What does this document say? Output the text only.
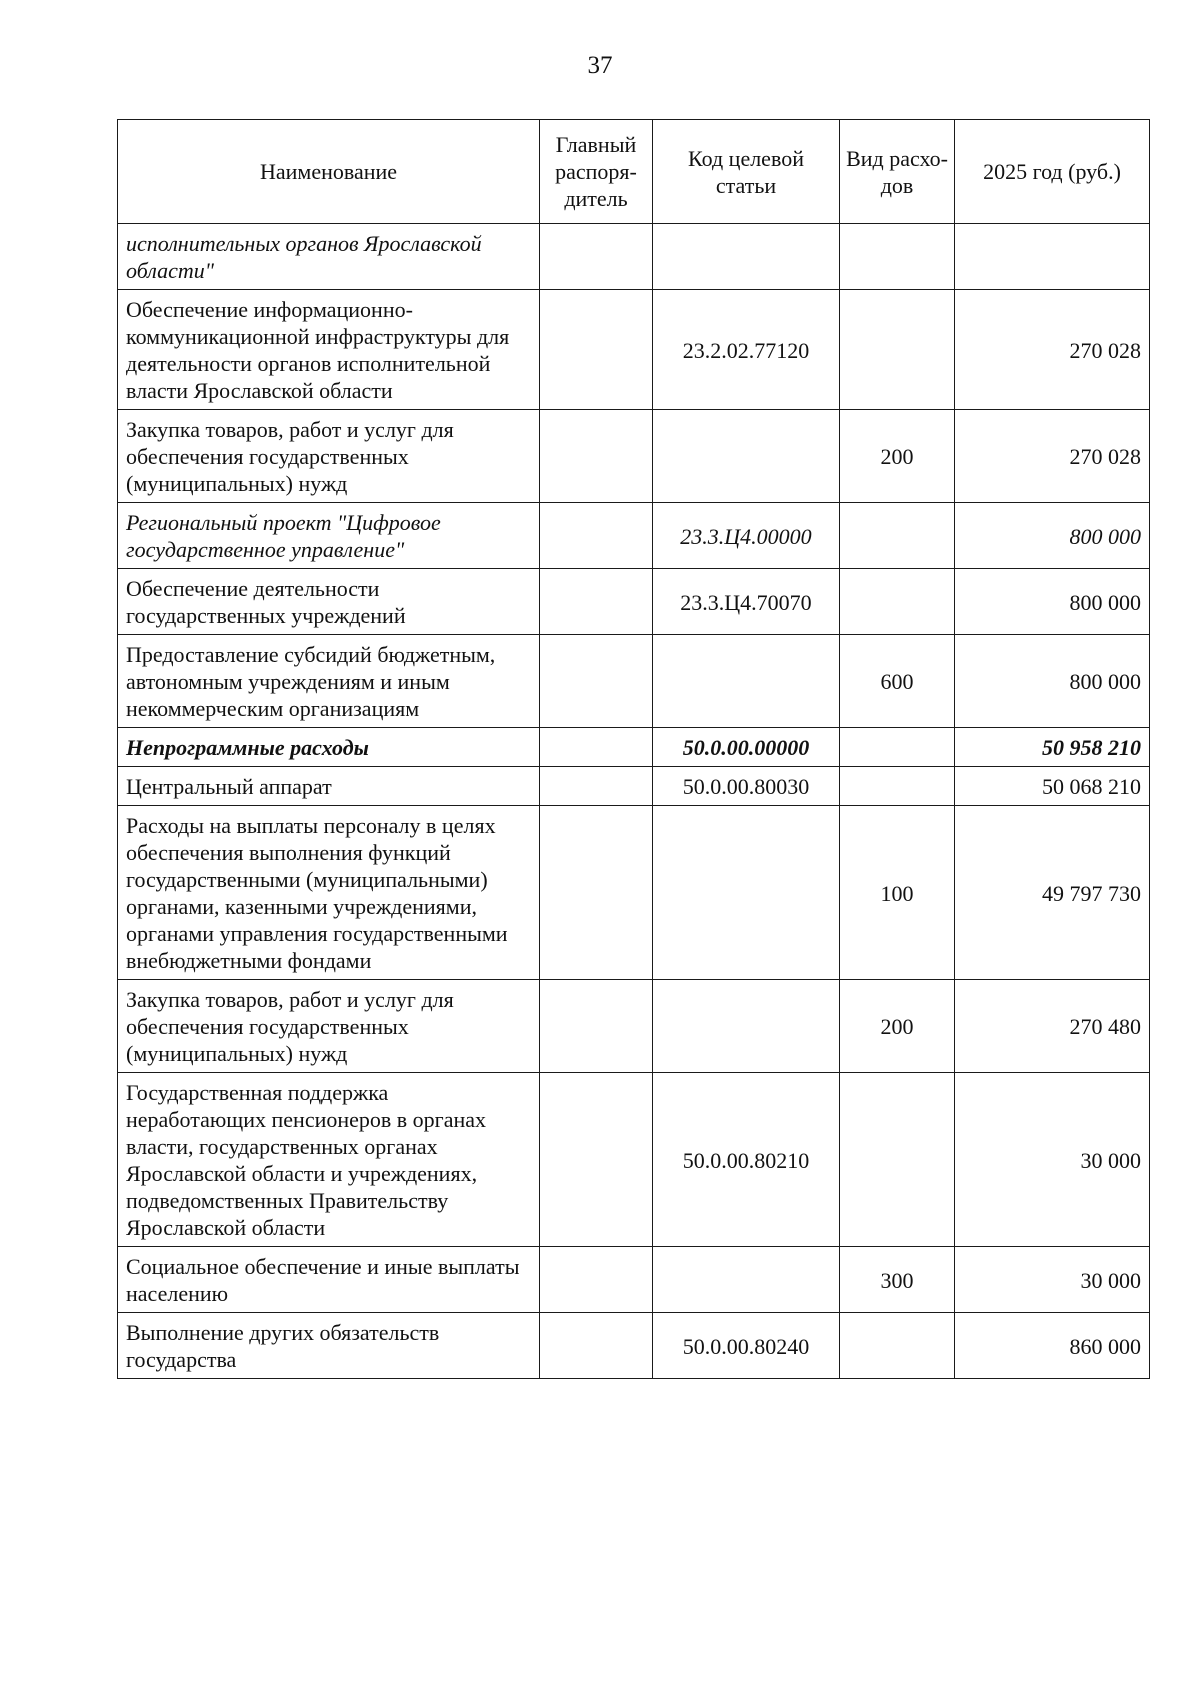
37
Наименование	Главный распоря-дитель	Код целевой статьи	Вид расхо-дов	2025 год (руб.)
исполнительных органов Ярославской области"				
Обеспечение информационно-коммуникационной инфраструктуры для деятельности органов исполнительной власти Ярославской области		23.2.02.77120		270 028
Закупка товаров, работ и услуг для обеспечения государственных (муниципальных) нужд			200	270 028
Региональный проект "Цифровое государственное управление"		23.3.Ц4.00000		800 000
Обеспечение деятельности государственных учреждений		23.3.Ц4.70070		800 000
Предоставление субсидий бюджетным, автономным учреждениям и иным некоммерческим организациям			600	800 000
Непрограммные расходы		50.0.00.00000		50 958 210
Центральный аппарат		50.0.00.80030		50 068 210
Расходы на выплаты персоналу в целях обеспечения выполнения функций государственными (муниципальными) органами, казенными учреждениями, органами управления государственными внебюджетными фондами			100	49 797 730
Закупка товаров, работ и услуг для обеспечения государственных (муниципальных) нужд			200	270 480
Государственная поддержка неработающих пенсионеров в органах власти, государственных органах Ярославской области и учреждениях, подведомственных Правительству Ярославской области		50.0.00.80210		30 000
Социальное обеспечение и иные выплаты населению			300	30 000
Выполнение других обязательств государства		50.0.00.80240		860 000
